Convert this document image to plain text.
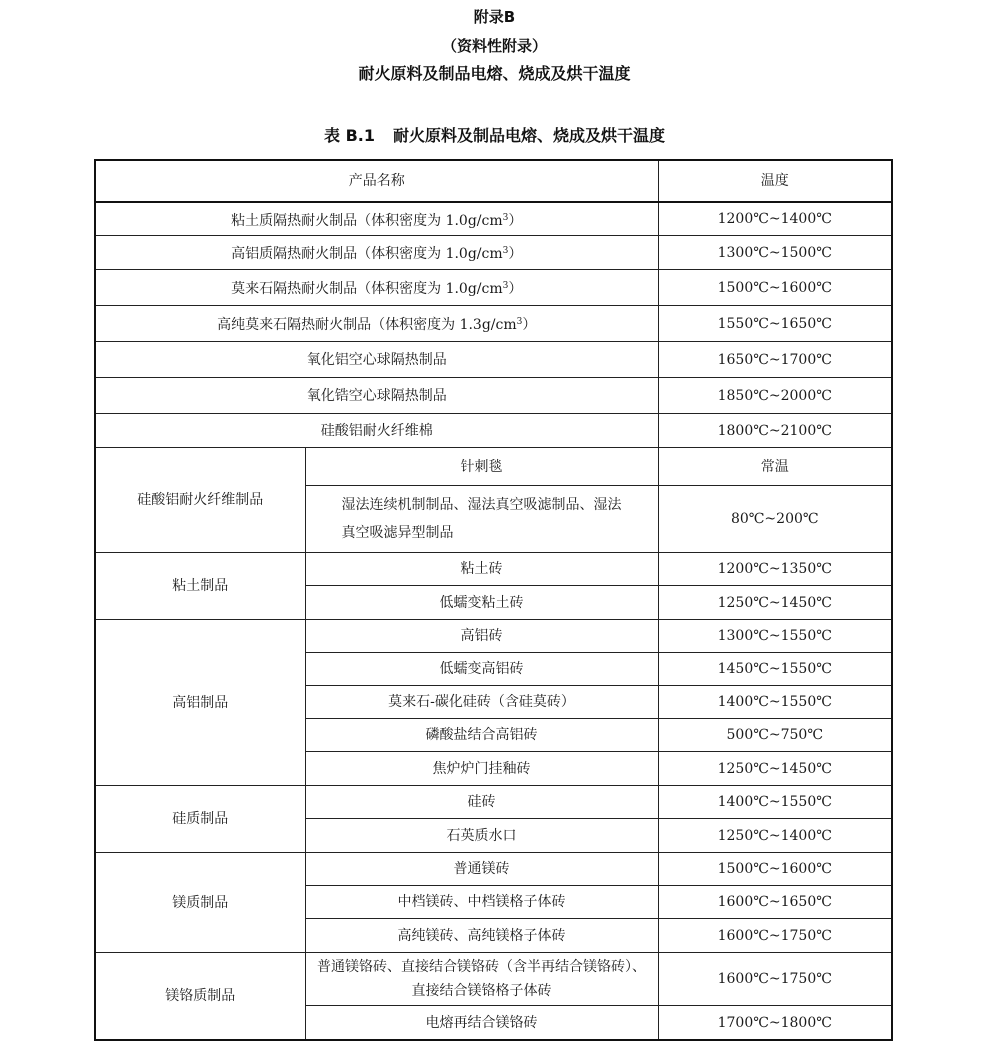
附录B
（资料性附录）
耐火原料及制品电熔、烧成及烘干温度
表 B.1 耐火原料及制品电熔、烧成及烘干温度
产品名称		温度
粘土质隔热耐火制品（体积密度为 $1.0g/cm^3$）		1200℃~1400℃
高铝质隔热耐火制品（体积密度为 $1.0g/cm^3$）		1300℃~1500℃
莫来石隔热耐火制品（体积密度为 $1.0g/cm^3$）		1500℃~1600℃
高纯莫来石隔热耐火制品（体积密度为 $1.3g/cm^3$）		1550℃~1650℃
氧化铝空心球隔热制品		1650℃~1700℃
氧化锆空心球隔热制品		1850℃~2000℃
硅酸铝耐火纤维棉		1800℃~2100℃
硅酸铝耐火纤维制品	针刺毯	常温
	湿法连续机制制品、湿法真空吸滤制品、湿法
真空吸滤异型制品	80℃~200℃
粘土制品	粘土砖	1200℃~1350℃
	低蠕变粘土砖	1250℃~1450℃
高铝制品	高铝砖	1300℃~1550℃
	低蠕变高铝砖	1450℃~1550℃
	莫来石-碳化硅砖（含硅莫砖）	1400℃~1550℃
	磷酸盐结合高铝砖	500℃~750℃
	焦炉炉门挂釉砖	1250℃~1450℃
硅质制品	硅砖	1400℃~1550℃
	石英质水口	1250℃~1400℃
镁质制品	普通镁砖	1500℃~1600℃
	中档镁砖、中档镁格子体砖	1600℃~1650℃
	高纯镁砖、高纯镁格子体砖	1600℃~1750℃
镁铬质制品	普通镁铬砖、直接结合镁铬砖（含半再结合镁铬砖）、
直接结合镁铬格子体砖	1600℃~1750℃
	电熔再结合镁铬砖	1700℃~1800℃
